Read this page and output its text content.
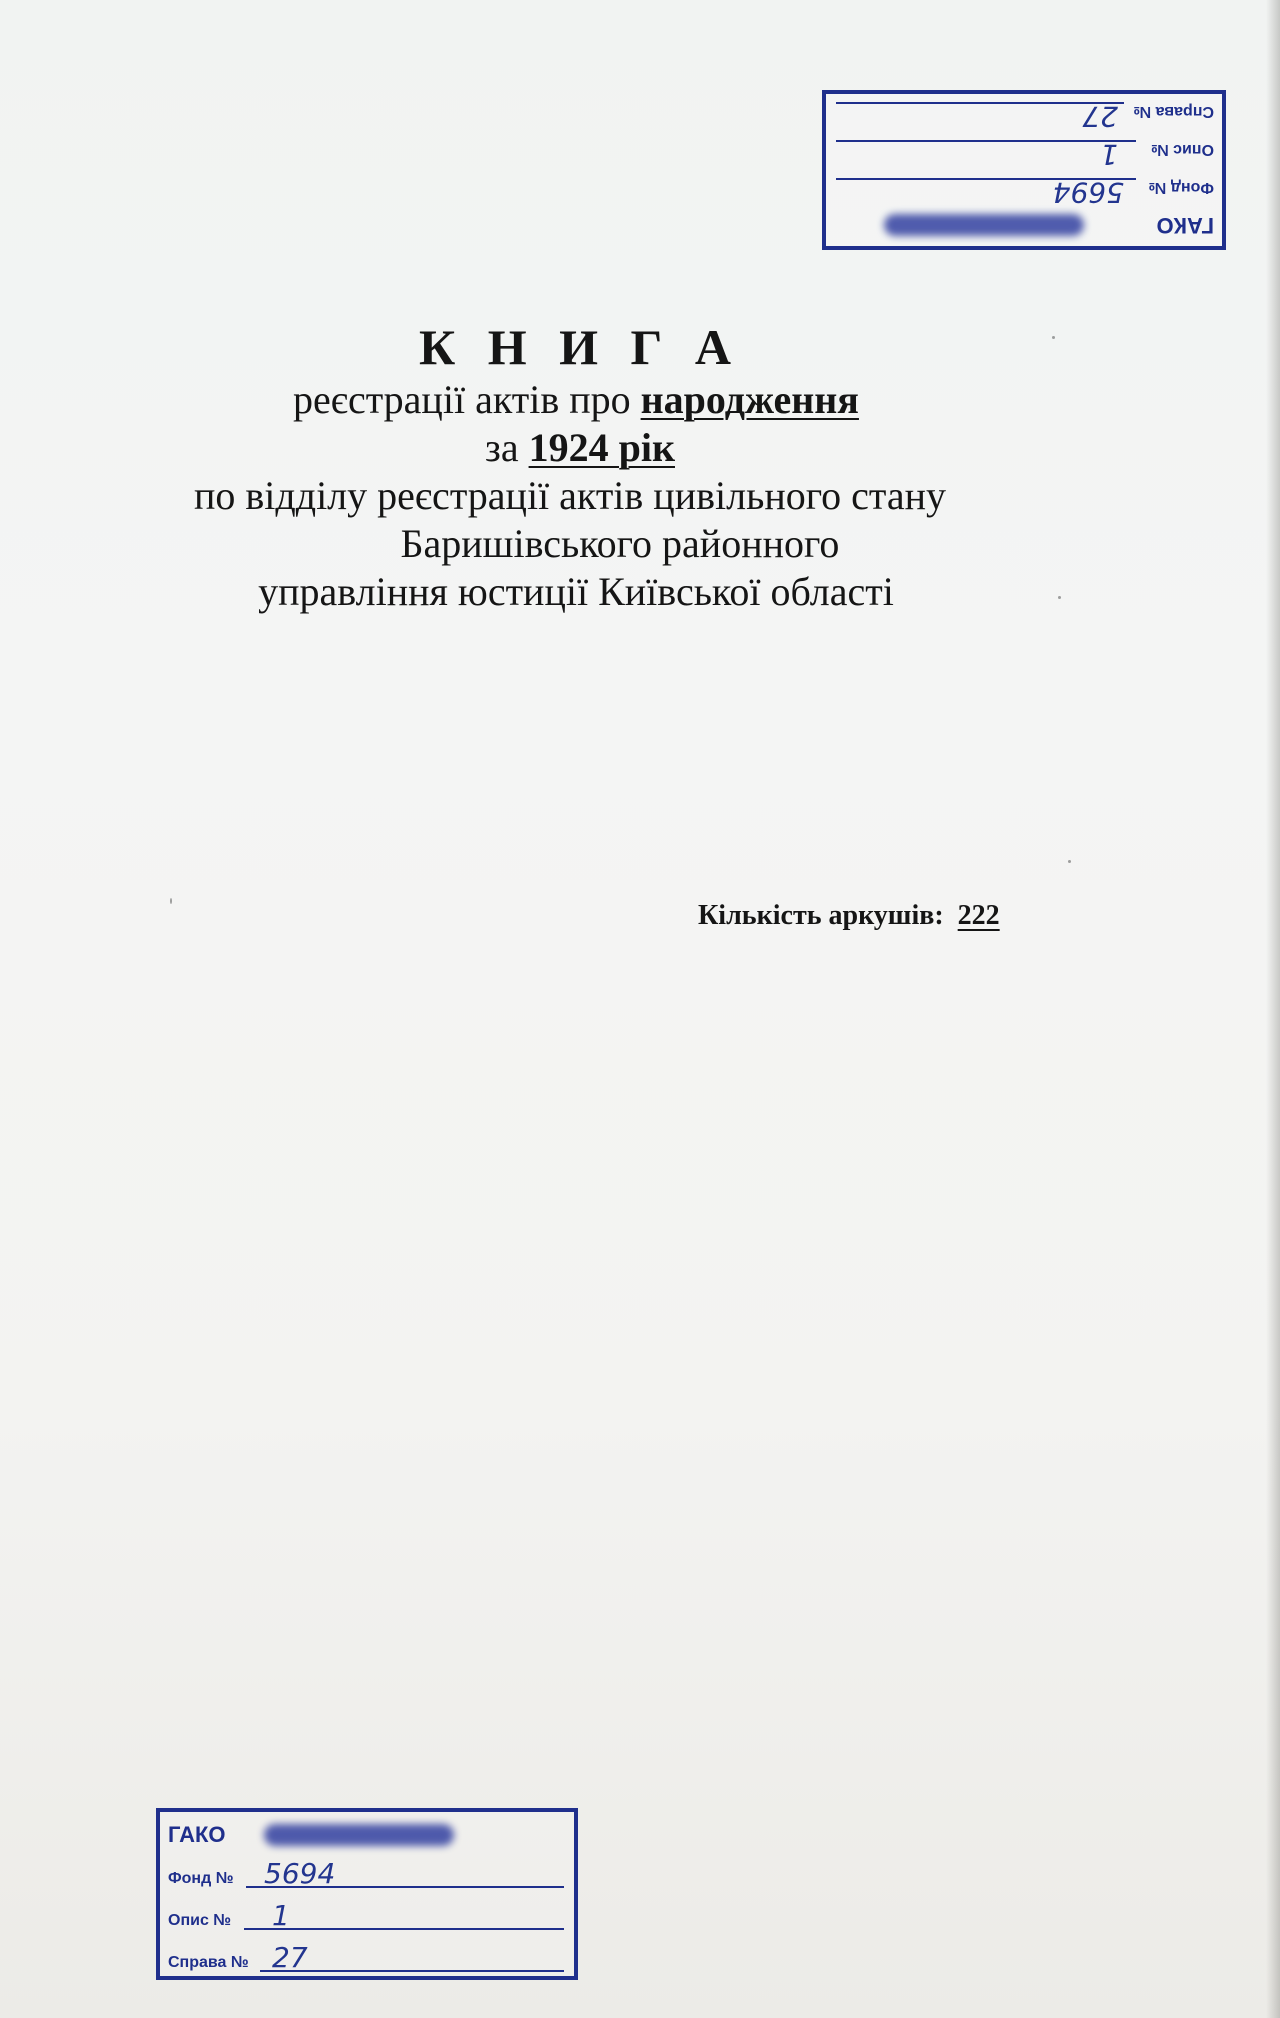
ГАКО
Фонд №
5694
Опис №
1
Справа №
27
К Н И Г А
реєстрації актів про народження
за 1924 рік
по відділу реєстрації актів цивільного стану
Баришівського районного
управління юстиції Київської області
Кількість аркушів: 222
ГАКО
Фонд № 5694
Опис № 1
Справа № 27
